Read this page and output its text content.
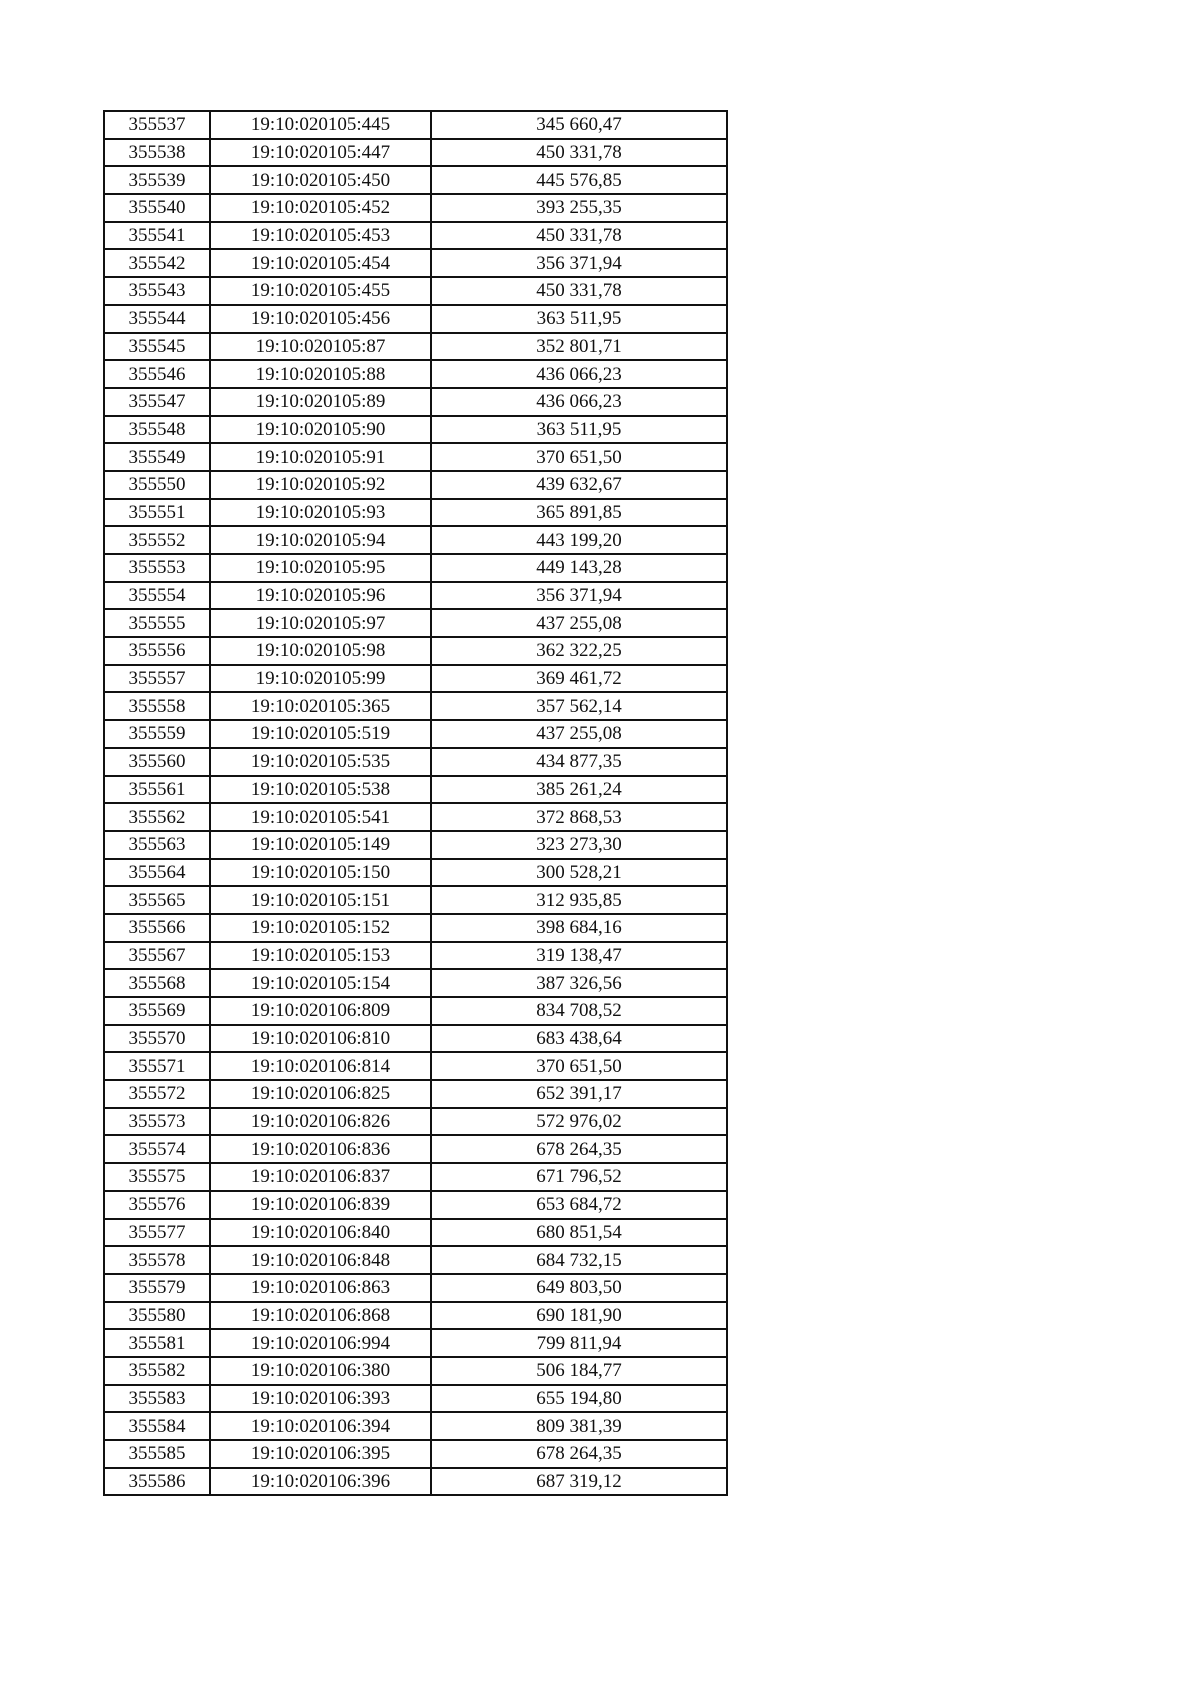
355537	19:10:020105:445	345 660,47
355538	19:10:020105:447	450 331,78
355539	19:10:020105:450	445 576,85
355540	19:10:020105:452	393 255,35
355541	19:10:020105:453	450 331,78
355542	19:10:020105:454	356 371,94
355543	19:10:020105:455	450 331,78
355544	19:10:020105:456	363 511,95
355545	19:10:020105:87	352 801,71
355546	19:10:020105:88	436 066,23
355547	19:10:020105:89	436 066,23
355548	19:10:020105:90	363 511,95
355549	19:10:020105:91	370 651,50
355550	19:10:020105:92	439 632,67
355551	19:10:020105:93	365 891,85
355552	19:10:020105:94	443 199,20
355553	19:10:020105:95	449 143,28
355554	19:10:020105:96	356 371,94
355555	19:10:020105:97	437 255,08
355556	19:10:020105:98	362 322,25
355557	19:10:020105:99	369 461,72
355558	19:10:020105:365	357 562,14
355559	19:10:020105:519	437 255,08
355560	19:10:020105:535	434 877,35
355561	19:10:020105:538	385 261,24
355562	19:10:020105:541	372 868,53
355563	19:10:020105:149	323 273,30
355564	19:10:020105:150	300 528,21
355565	19:10:020105:151	312 935,85
355566	19:10:020105:152	398 684,16
355567	19:10:020105:153	319 138,47
355568	19:10:020105:154	387 326,56
355569	19:10:020106:809	834 708,52
355570	19:10:020106:810	683 438,64
355571	19:10:020106:814	370 651,50
355572	19:10:020106:825	652 391,17
355573	19:10:020106:826	572 976,02
355574	19:10:020106:836	678 264,35
355575	19:10:020106:837	671 796,52
355576	19:10:020106:839	653 684,72
355577	19:10:020106:840	680 851,54
355578	19:10:020106:848	684 732,15
355579	19:10:020106:863	649 803,50
355580	19:10:020106:868	690 181,90
355581	19:10:020106:994	799 811,94
355582	19:10:020106:380	506 184,77
355583	19:10:020106:393	655 194,80
355584	19:10:020106:394	809 381,39
355585	19:10:020106:395	678 264,35
355586	19:10:020106:396	687 319,12
